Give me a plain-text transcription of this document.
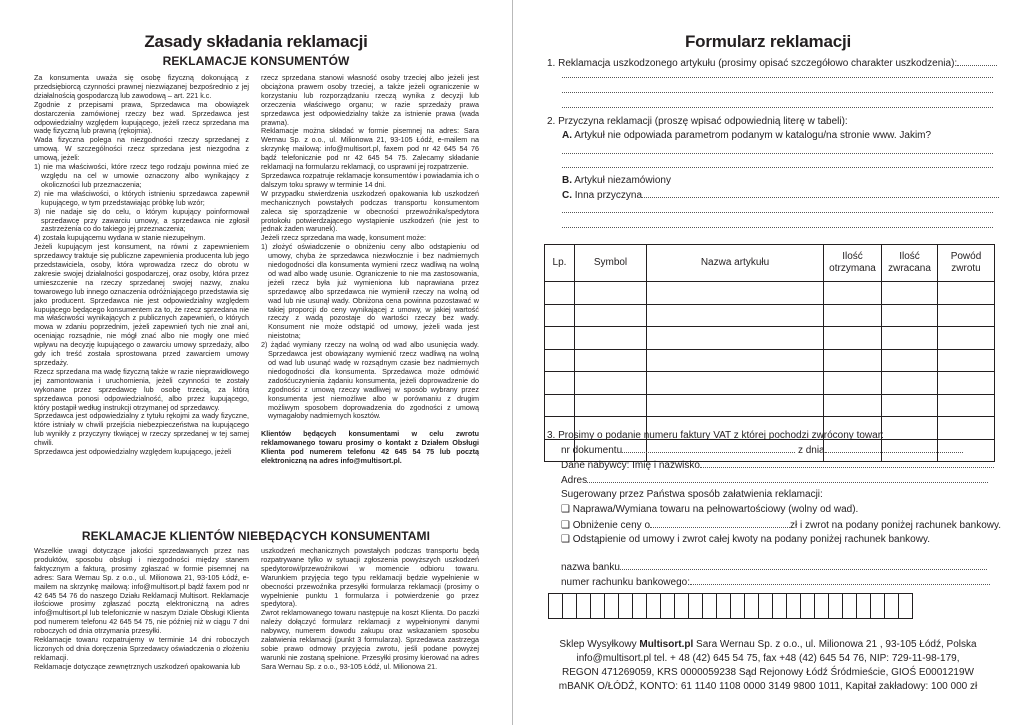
Zasady składania reklamacji
REKLAMACJE KONSUMENTÓW

Za konsumenta uważa się osobę fizyczną dokonującą z przedsiębiorcą czynności prawnej niezwiązanej bezpośrednio z jej działalnością gospodarczą lub zawodową – art. 221 k.c.

Zgodnie z przepisami prawa, Sprzedawca ma obowiązek dostarczenia zamówionej rzeczy bez wad. Sprzedawca jest odpowiedzialny względem kupującego, jeżeli rzecz sprzedana ma wadę fizyczną lub prawną (rękojmia).

Wada fizyczna polega na niezgodności rzeczy sprzedanej z umową. W szczególności rzecz sprzedana jest niezgodna z umową, jeżeli:

1) nie ma właściwości, które rzecz tego rodzaju powinna mieć ze względu na cel w umowie oznaczony albo wynikający z okoliczności lub przeznaczenia;

2) nie ma właściwości, o których istnieniu sprzedawca zapewnił kupującego, w tym przedstawiając próbkę lub wzór;

3) nie nadaje się do celu, o którym kupujący poinformował sprzedawcę przy zawarciu umowy, a sprzedawca nie zgłosił zastrzeżenia co do takiego jej przeznaczenia;

4) została kupującemu wydana w stanie niezupełnym.

Jeżeli kupującym jest konsument, na równi z zapewnieniem sprzedawcy traktuje się publiczne zapewnienia producenta lub jego przedstawiciela, osoby, która wprowadza rzecz do obrotu w zakresie swojej działalności gospodarczej, oraz osoby, która przez umieszczenie na rzeczy sprzedanej swojej nazwy, znaku towarowego lub innego oznaczenia odróżniającego przedstawia się jako producent. Sprzedawca nie jest odpowiedzialny względem kupującego będącego konsumentem za to, że rzecz sprzedana nie ma właściwości wynikających z publicznych zapewnień, o których mowa w zdaniu poprzednim, jeżeli zapewnień tych nie znał ani, oceniając rozsądnie, nie mógł znać albo nie mogły one mieć wpływu na decyzję kupującego o zawarciu umowy sprzedaży, albo gdy ich treść została sprostowana przed zawarciem umowy sprzedaży.

Rzecz sprzedana ma wadę fizyczną także w razie nieprawidłowego jej zamontowania i uruchomienia, jeżeli czynności te zostały wykonane przez sprzedawcę lub osobę trzecią, za którą sprzedawca ponosi odpowiedzialność, albo przez kupującego, który postąpił według instrukcji otrzymanej od sprzedawcy.

Sprzedawca jest odpowiedzialny z tytułu rękojmi za wady fizyczne, które istniały w chwili przejścia niebezpieczeństwa na kupującego lub wynikły z przyczyny tkwiącej w rzeczy sprzedanej w tej samej chwili.

Sprzedawca jest odpowiedzialny względem kupującego, jeżeli

rzecz sprzedana stanowi własność osoby trzeciej albo jeżeli jest obciążona prawem osoby trzeciej, a także jeżeli ograniczenie w korzystaniu lub rozporządzaniu rzeczą wynika z decyzji lub orzeczenia właściwego organu; w razie sprzedaży prawa sprzedawca jest odpowiedzialny także za istnienie prawa (wada prawna).

Reklamacje można składać w formie pisemnej na adres: Sara Wernau Sp. z o.o., ul. Milionowa 21, 93-105 Łódź, e-mailem na skrzynkę mailową: info@multisort.pl, faxem pod nr 42 645 54 76 bądź telefonicznie pod nr 42 645 54 75. Zalecamy składanie reklamacji na formularzu reklamacji, co usprawni jej rozpatrzenie.

Sprzedawca rozpatruje reklamacje konsumentów i powiadamia ich o dalszym toku sprawy w terminie 14 dni.

W przypadku stwierdzenia uszkodzeń opakowania lub uszkodzeń mechanicznych powstałych podczas transportu konsumentom zaleca się sporządzenie w obecności przewoźnika/spedytora protokołu potwierdzającego wystąpienie uszkodzeń (nie jest to jednak żaden warunek).

Jeżeli rzecz sprzedana ma wadę, konsument może:

1) złożyć oświadczenie o obniżeniu ceny albo odstąpieniu od umowy, chyba że sprzedawca niezwłocznie i bez nadmiernych niedogodności dla konsumenta wymieni rzecz wadliwą na wolną od wad albo wadę usunie. Ograniczenie to nie ma zastosowania, jeżeli rzecz była już wymieniona lub naprawiana przez sprzedawcę albo sprzedawca nie wymienił rzeczy na wolną od wad lub nie usunął wady. Obniżona cena powinna pozostawać w takiej proporcji do ceny wynikającej z umowy, w jakiej wartość rzeczy z wadą pozostaje do wartości rzeczy bez wady. Konsument nie może odstąpić od umowy, jeżeli wada jest nieistotna;

2) żądać wymiany rzeczy na wolną od wad albo usunięcia wady. Sprzedawca jest obowiązany wymienić rzecz wadliwą na wolną od wad lub usunąć wadę w rozsądnym czasie bez nadmiernych niedogodności dla konsumenta. Sprzedawca może odmówić zadośćuczynienia żądaniu konsumenta, jeżeli doprowadzenie do zgodności z umową rzeczy wadliwej w sposób wybrany przez konsumenta jest niemożliwe albo w porównaniu z drugim możliwym sposobem doprowadzenia do zgodności z umową wymagałoby nadmiernych kosztów.

Klientów będących konsumentami w celu zwrotu reklamowanego towaru prosimy o kontakt z Działem Obsługi Klienta pod numerem telefonu 42 645 54 75 lub pocztą elektroniczną na adres info@multisort.pl.

REKLAMACJE KLIENTÓW NIEBĘDĄCYCH KONSUMENTAMI

Wszelkie uwagi dotyczące jakości sprzedawanych przez nas produktów, sposobu obsługi i niezgodności między stanem faktycznym a fakturą, prosimy zgłaszać w formie pisemnej na adres: Sara Wernau Sp. z o.o., ul. Milionowa 21, 93-105 Łódź, e-mailem na skrzynkę mailową: info@multisort.pl bądź faxem pod nr 42 645 54 76 do naszego Działu Reklamacji Multisort. Reklamacje ilościowe prosimy zgłaszać pocztą elektroniczną na adres info@multisort.pl lub telefonicznie w naszym Dziale Obsługi Klienta pod numerem telefonu 42 645 54 75, nie później niż w ciągu 7 dni roboczych od dnia otrzymania przesyłki.

Reklamacje towaru rozpatrujemy w terminie 14 dni roboczych liczonych od dnia doręczenia Sprzedawcy oświadczenia o złożeniu reklamacji.

Reklamacje dotyczące zewnętrznych uszkodzeń opakowania lub

uszkodzeń mechanicznych powstałych podczas transportu będą rozpatrywane tylko w sytuacji zgłoszenia powyższych uszkodzeń spedytorowi/przewoźnikowi w momencie odbioru towaru. Warunkiem przyjęcia tego typu reklamacji będzie wypełnienie w obecności przewoźnika przesyłki formularza reklamacji (prosimy o wypełnienie punktu 1 formularza i potwierdzenie go przez spedytora).

Zwrot reklamowanego towaru następuje na koszt Klienta. Do paczki należy dołączyć formularz reklamacji z wypełnionymi danymi nabywcy, numerem dowodu zakupu oraz wskazaniem sposobu załatwienia reklamacji (punkt 3 formularza). Sprzedawca zastrzega sobie prawo odmowy przyjęcia zwrotu, jeśli podane powyżej warunki nie zostaną spełnione. Przesyłki prosimy kierować na adres Sara Wernau Sp. z o.o., 93-105 Łódź, ul. Milionowa 21.

Formularz reklamacji
1. Reklamacja uszkodzonego artykułu (prosimy opisać szczegółowo charakter uszkodzenia):
2. Przyczyna reklamacji (proszę wpisać odpowiednią literę w tabeli):
A. Artykuł nie odpowiada parametrom podanym w katalogu/na stronie www. Jakim?
B. Artykuł niezamówiony
C. Inna przyczyna
Lp.	Symbol	Nazwa artykułu	Ilość otrzymana	Ilość zwracana	Powód zwrotu

3. Prosimy o podanie numeru faktury VAT z której pochodzi zwrócony towar:
nr dokumentu	z dnia
Dane nabywcy: Imię i nazwisko
Adres
Sugerowany przez Państwa sposób załatwienia reklamacji:
❑ Naprawa/Wymiana towaru na pełnowartościowy (wolny od wad).
❑ Obniżenie ceny o	zł i zwrot na podany poniżej rachunek bankowy.
❑ Odstąpienie od umowy i zwrot całej kwoty na podany poniżej rachunek bankowy.
nazwa banku
numer rachunku bankowego:
Sklep Wysyłkowy Multisort.pl Sara Wernau Sp. z o.o., ul. Milionowa 21 , 93-105 Łódź, Polska
info@multisort.pl tel. + 48 (42) 645 54 75, fax +48 (42) 645 54 76, NIP: 729-11-98-179,
REGON 471269059, KRS 0000059238 Sąd Rejonowy Łódź Śródmieście, GIOŚ E0001219W
mBANK O/ŁÓDŹ, KONTO: 61 1140 1108 0000 3149 9800 1011, Kapitał zakładowy: 100 000 zł
